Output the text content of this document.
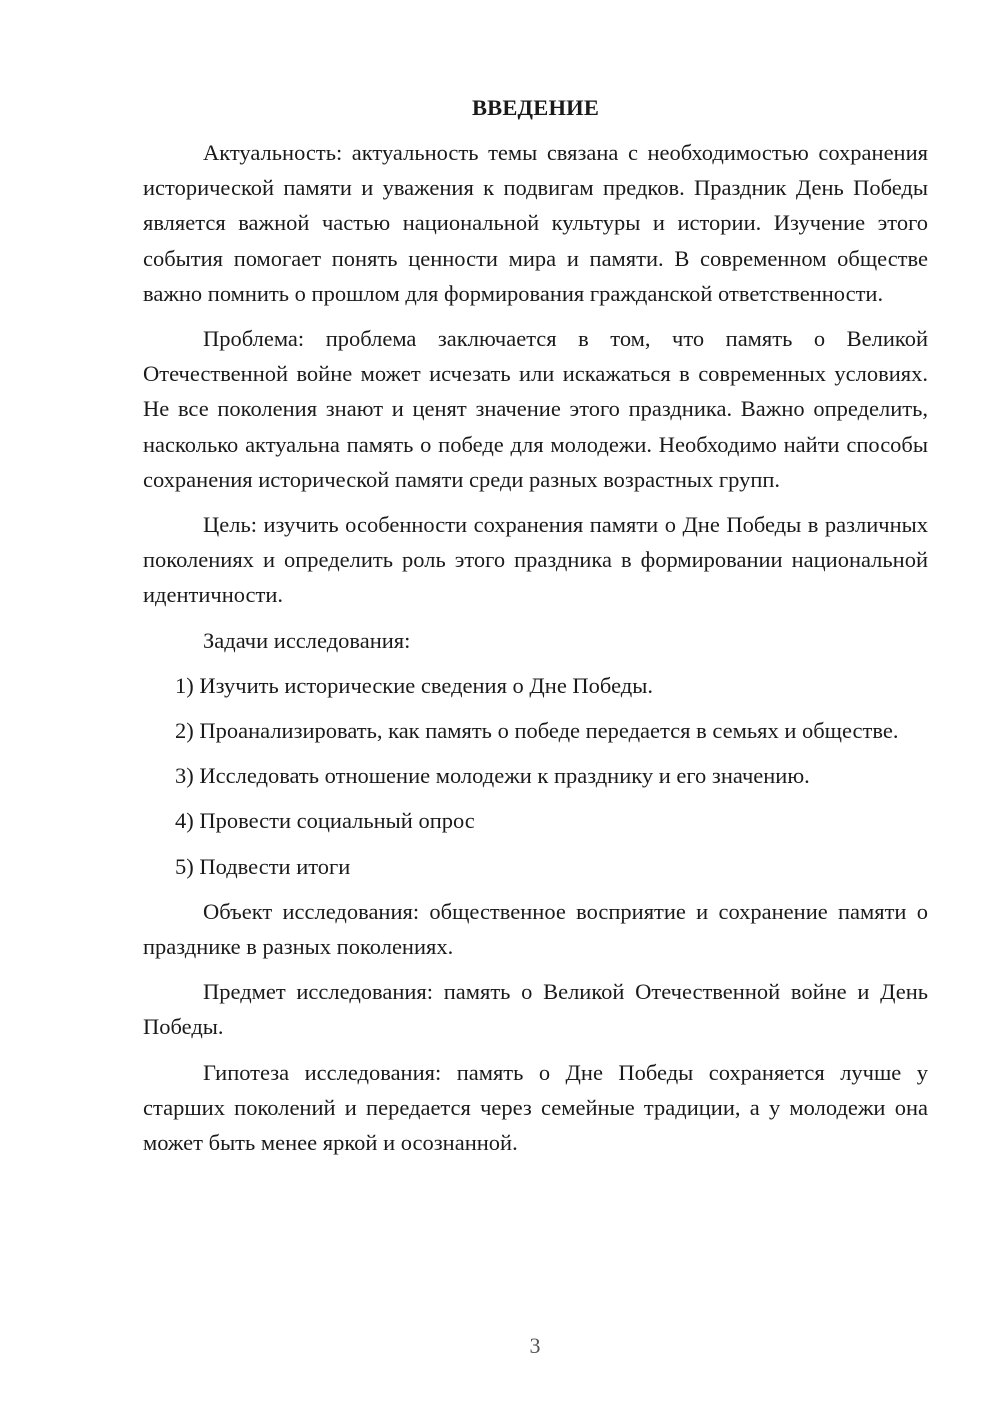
ВВЕДЕНИЕ

Актуальность: актуальность темы связана с необходимостью сохранения исторической памяти и уважения к подвигам предков. Праздник День Победы является важной частью национальной культуры и истории. Изучение этого события помогает понять ценности мира и памяти. В современном обществе важно помнить о прошлом для формирования гражданской ответственности.

Проблема: проблема заключается в том, что память о Великой Отечественной войне может исчезать или искажаться в современных условиях. Не все поколения знают и ценят значение этого праздника. Важно определить, насколько актуальна память о победе для молодежи. Необходимо найти способы сохранения исторической памяти среди разных возрастных групп.

Цель: изучить особенности сохранения памяти о Дне Победы в различных поколениях и определить роль этого праздника в формировании национальной идентичности.

Задачи исследования:

1) Изучить исторические сведения о Дне Победы.

2) Проанализировать, как память о победе передается в семьях и обществе.

3) Исследовать отношение молодежи к празднику и его значению.

4) Провести социальный опрос

5) Подвести итоги

Объект исследования: общественное восприятие и сохранение памяти о празднике в разных поколениях.

Предмет исследования: память о Великой Отечественной войне и День Победы.

Гипотеза исследования: память о Дне Победы сохраняется лучше у старших поколений и передается через семейные традиции, а у молодежи она может быть менее яркой и осознанной.

3
